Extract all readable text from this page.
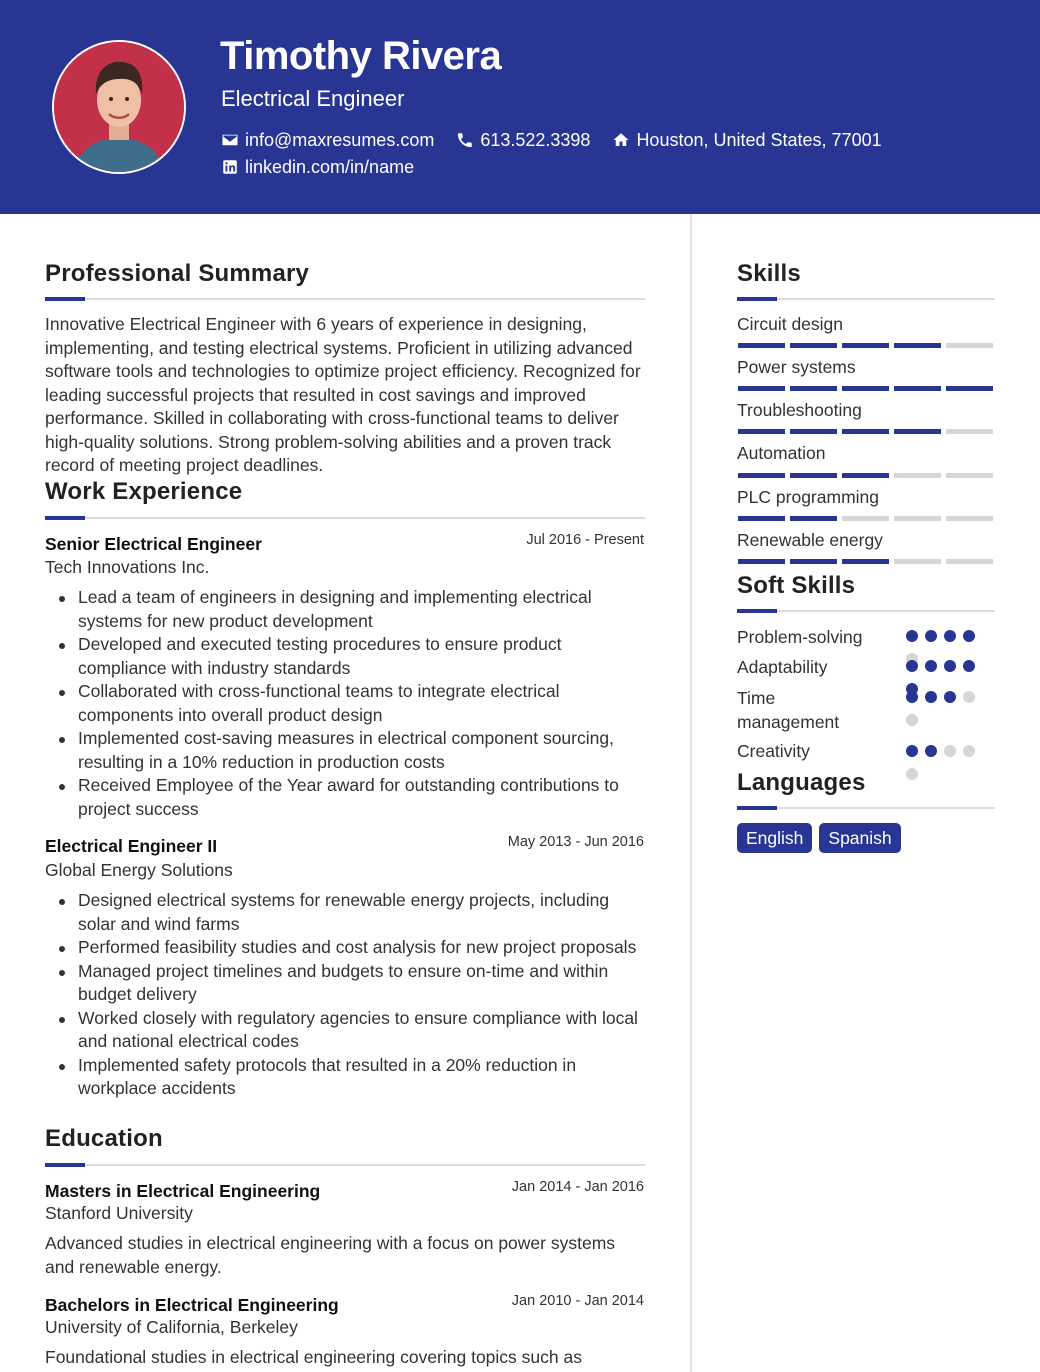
Timothy Rivera
Electrical Engineer
info@maxresumes.com	613.522.3398	Houston, United States, 77001
linkedin.com/in/name
Professional Summary
Innovative Electrical Engineer with 6 years of experience in designing, implementing, and testing electrical systems. Proficient in utilizing advanced software tools and technologies to optimize project efficiency. Recognized for leading successful projects that resulted in cost savings and improved performance. Skilled in collaborating with cross-functional teams to deliver high-quality solutions. Strong problem-solving abilities and a proven track record of meeting project deadlines.
Work Experience
Senior Electrical Engineer	Jul 2016 - Present
Tech Innovations Inc.
Lead a team of engineers in designing and implementing electrical systems for new product development
Developed and executed testing procedures to ensure product compliance with industry standards
Collaborated with cross-functional teams to integrate electrical components into overall product design
Implemented cost-saving measures in electrical component sourcing, resulting in a 10% reduction in production costs
Received Employee of the Year award for outstanding contributions to project success
Electrical Engineer II	May 2013 - Jun 2016
Global Energy Solutions
Designed electrical systems for renewable energy projects, including solar and wind farms
Performed feasibility studies and cost analysis for new project proposals
Managed project timelines and budgets to ensure on-time and within budget delivery
Worked closely with regulatory agencies to ensure compliance with local and national electrical codes
Implemented safety protocols that resulted in a 20% reduction in workplace accidents
Education
Masters in Electrical Engineering	Jan 2014 - Jan 2016
Stanford University
Advanced studies in electrical engineering with a focus on power systems and renewable energy.
Bachelors in Electrical Engineering	Jan 2010 - Jan 2014
University of California, Berkeley
Foundational studies in electrical engineering covering topics such as
Skills
Circuit design
Power systems
Troubleshooting
Automation
PLC programming
Renewable energy
Soft Skills
Problem-solving
Adaptability
Time management
Creativity
Languages
English	Spanish
